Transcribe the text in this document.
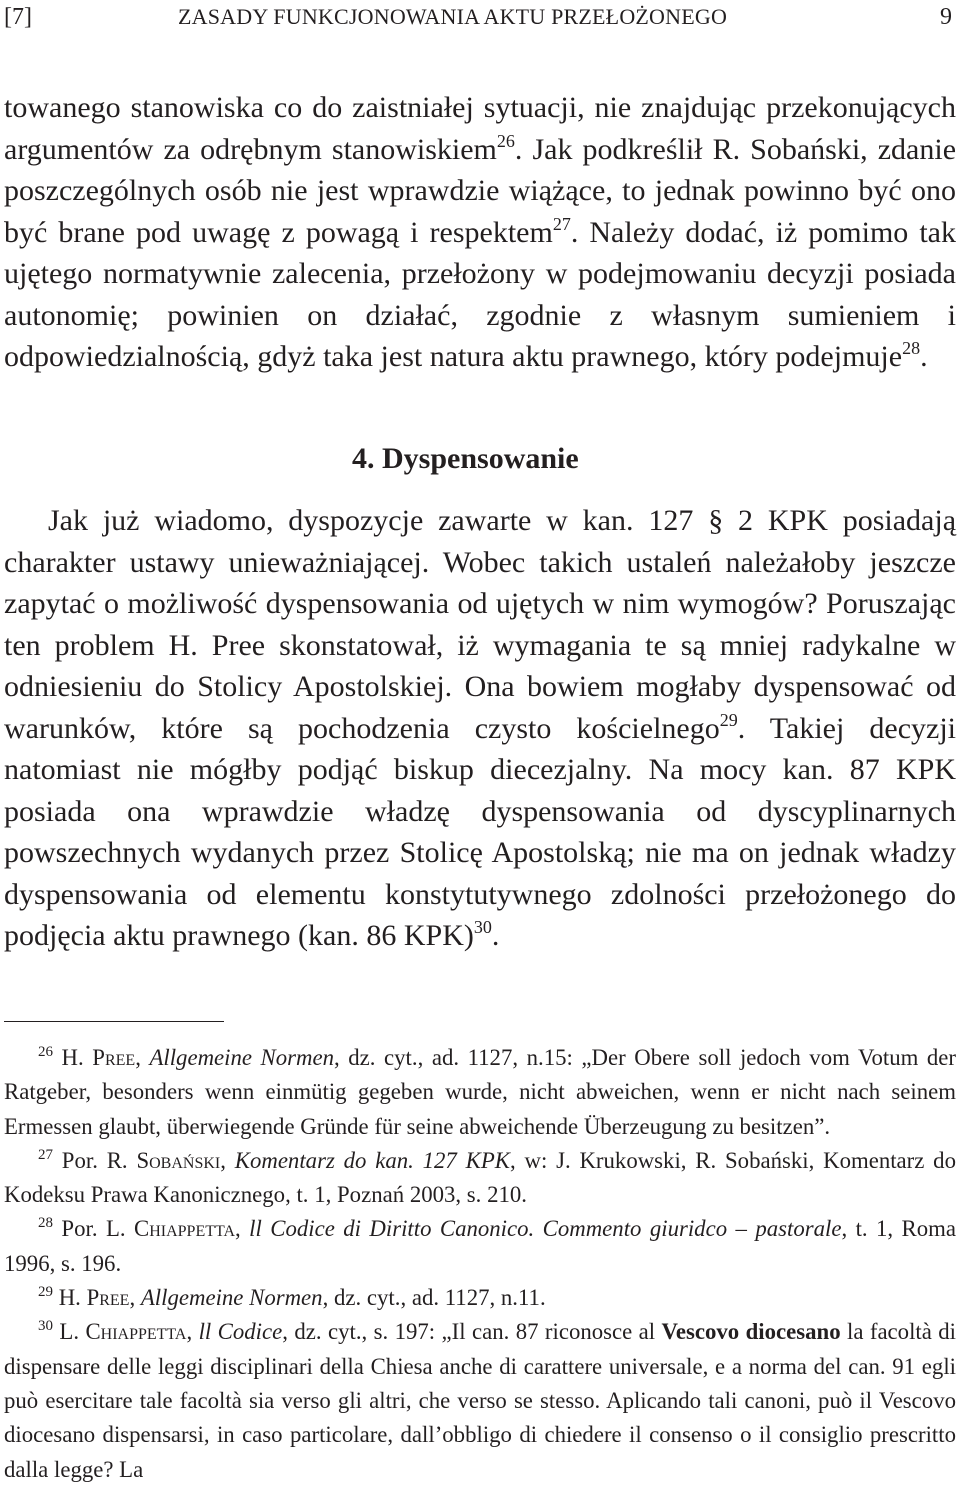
[7]	ZASADY FUNKCJONOWANIA AKTU PRZEŁOŻONEGO	9

towanego stanowiska co do zaistniałej sytuacji, nie znajdując przekonujących argumentów za odrębnym stanowiskiem$^{26}$. Jak podkreślił R. Sobański, zdanie poszczególnych osób nie jest wprawdzie wiążące, to jednak powinno być ono być brane pod uwagę z powagą i respektem$^{27}$. Należy dodać, iż pomimo tak ujętego normatywnie zalecenia, przełożony w podejmowaniu decyzji posiada autonomię; powinien on działać, zgodnie z własnym sumieniem i odpowiedzialnością, gdyż taka jest natura aktu prawnego, który podejmuje$^{28}$.

4. Dyspensowanie

Jak już wiadomo, dyspozycje zawarte w kan. 127 § 2 KPK posiadają charakter ustawy unieważniającej. Wobec takich ustaleń należałoby jeszcze zapytać o możliwość dyspensowania od ujętych w nim wymogów? Poruszając ten problem H. Pree skonstatował, iż wymagania te są mniej radykalne w odniesieniu do Stolicy Apostolskiej. Ona bowiem mogłaby dyspensować od warunków, które są pochodzenia czysto kościelnego$^{29}$. Takiej decyzji natomiast nie mógłby podjąć biskup diecezjalny. Na mocy kan. 87 KPK posiada ona wprawdzie władzę dyspensowania od dyscyplinarnych powszechnych wydanych przez Stolicę Apostolską; nie ma on jednak władzy dyspensowania od elementu konstytutywnego zdolności przełożonego do podjęcia aktu prawnego (kan. 86 KPK)$^{30}$.

$^{26}$ H. Pree, Allgemeine Normen, dz. cyt., ad. 1127, n.15: „Der Obere soll jedoch vom Votum der Ratgeber, besonders wenn einmütig gegeben wurde, nicht abweichen, wenn er nicht nach seinem Ermessen glaubt, überwiegende Gründe für seine abweichende Überzeugung zu besitzen”.

$^{27}$ Por. R. Sobański, Komentarz do kan. 127 KPK, w: J. Krukowski, R. Sobański, Komentarz do Kodeksu Prawa Kanonicznego, t. 1, Poznań 2003, s. 210.

$^{28}$ Por. L. Chiappetta, ll Codice di Diritto Canonico. Commento giuridco – pastorale, t. 1, Roma 1996, s. 196.

$^{29}$ H. Pree, Allgemeine Normen, dz. cyt., ad. 1127, n.11.

$^{30}$ L. Chiappetta, ll Codice, dz. cyt., s. 197: „Il can. 87 riconosce al Vescovo diocesano la facoltà di dispensare delle leggi disciplinari della Chiesa anche di carattere universale, e a norma del can. 91 egli può esercitare tale facoltà sia verso gli altri, che verso se stesso. Aplicando tali canoni, può il Vescovo diocesano dispensarsi, in caso particolare, dall’obbligo di chiedere il consenso o il consiglio prescritto dalla legge? La
